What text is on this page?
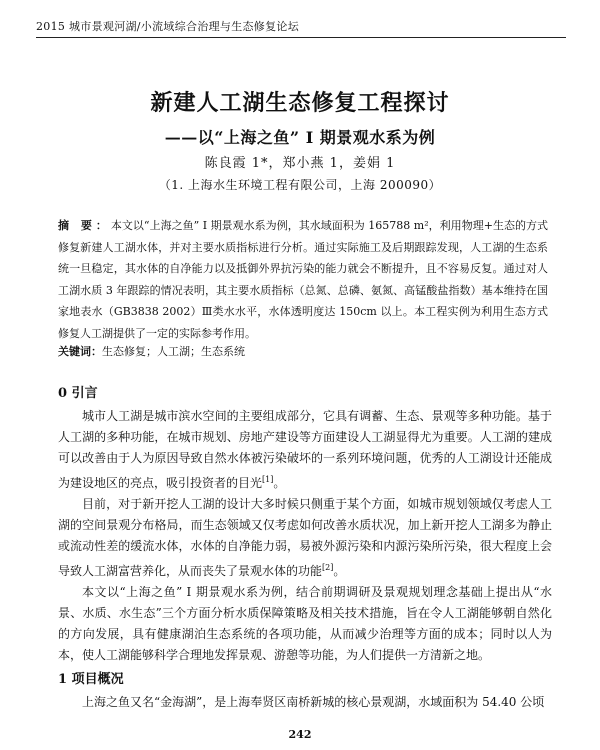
2015 城市景观河湖/小流域综合治理与生态修复论坛
新建人工湖生态修复工程探讨
——以“上海之鱼” Ⅰ 期景观水系为例
陈良霞 1*，郑小燕 1，姜娟 1
（1. 上海水生环境工程有限公司，上海 200090）
摘 要：本文以“上海之鱼” Ⅰ 期景观水系为例，其水域面积为 165788 m²，利用物理+生态的方式修复新建人工湖水体，并对主要水质指标进行分析。通过实际施工及后期跟踪发现，人工湖的生态系统一旦稳定，其水体的自净能力以及抵御外界抗污染的能力就会不断提升，且不容易反复。通过对人工湖水质 3 年跟踪的情况表明，其主要水质指标（总氮、总磷、氨氮、高锰酸盐指数）基本维持在国家地表水（GB3838 2002）Ⅲ类水水平，水体透明度达 150cm 以上。本工程实例为利用生态方式修复人工湖提供了一定的实际参考作用。
关键词：生态修复；人工湖；生态系统
0 引言
城市人工湖是城市滨水空间的主要组成部分，它具有调蓄、生态、景观等多种功能。基于人工湖的多种功能，在城市规划、房地产建设等方面建设人工湖显得尤为重要。人工湖的建成可以改善由于人为原因导致自然水体被污染破坏的一系列环境问题，优秀的人工湖设计还能成为建设地区的亮点，吸引投资者的目光[1]。
目前，对于新开挖人工湖的设计大多时候只侧重于某个方面，如城市规划领域仅考虑人工湖的空间景观分布格局，而生态领域又仅考虑如何改善水质状况，加上新开挖人工湖多为静止或流动性差的缓流水体，水体的自净能力弱，易被外源污染和内源污染所污染，很大程度上会导致人工湖富营养化，从而丧失了景观水体的功能[2]。
本文以“上海之鱼” Ⅰ 期景观水系为例，结合前期调研及景观规划理念基础上提出从“水景、水质、水生态”三个方面分析水质保障策略及相关技术措施，旨在令人工湖能够朝自然化的方向发展，具有健康湖泊生态系统的各项功能，从而减少治理等方面的成本；同时以人为本，使人工湖能够科学合理地发挥景观、游憩等功能，为人们提供一方清新之地。
1 项目概况
上海之鱼又名“金海湖”，是上海奉贤区南桥新城的核心景观湖，水域面积为 54.40 公顷
242
